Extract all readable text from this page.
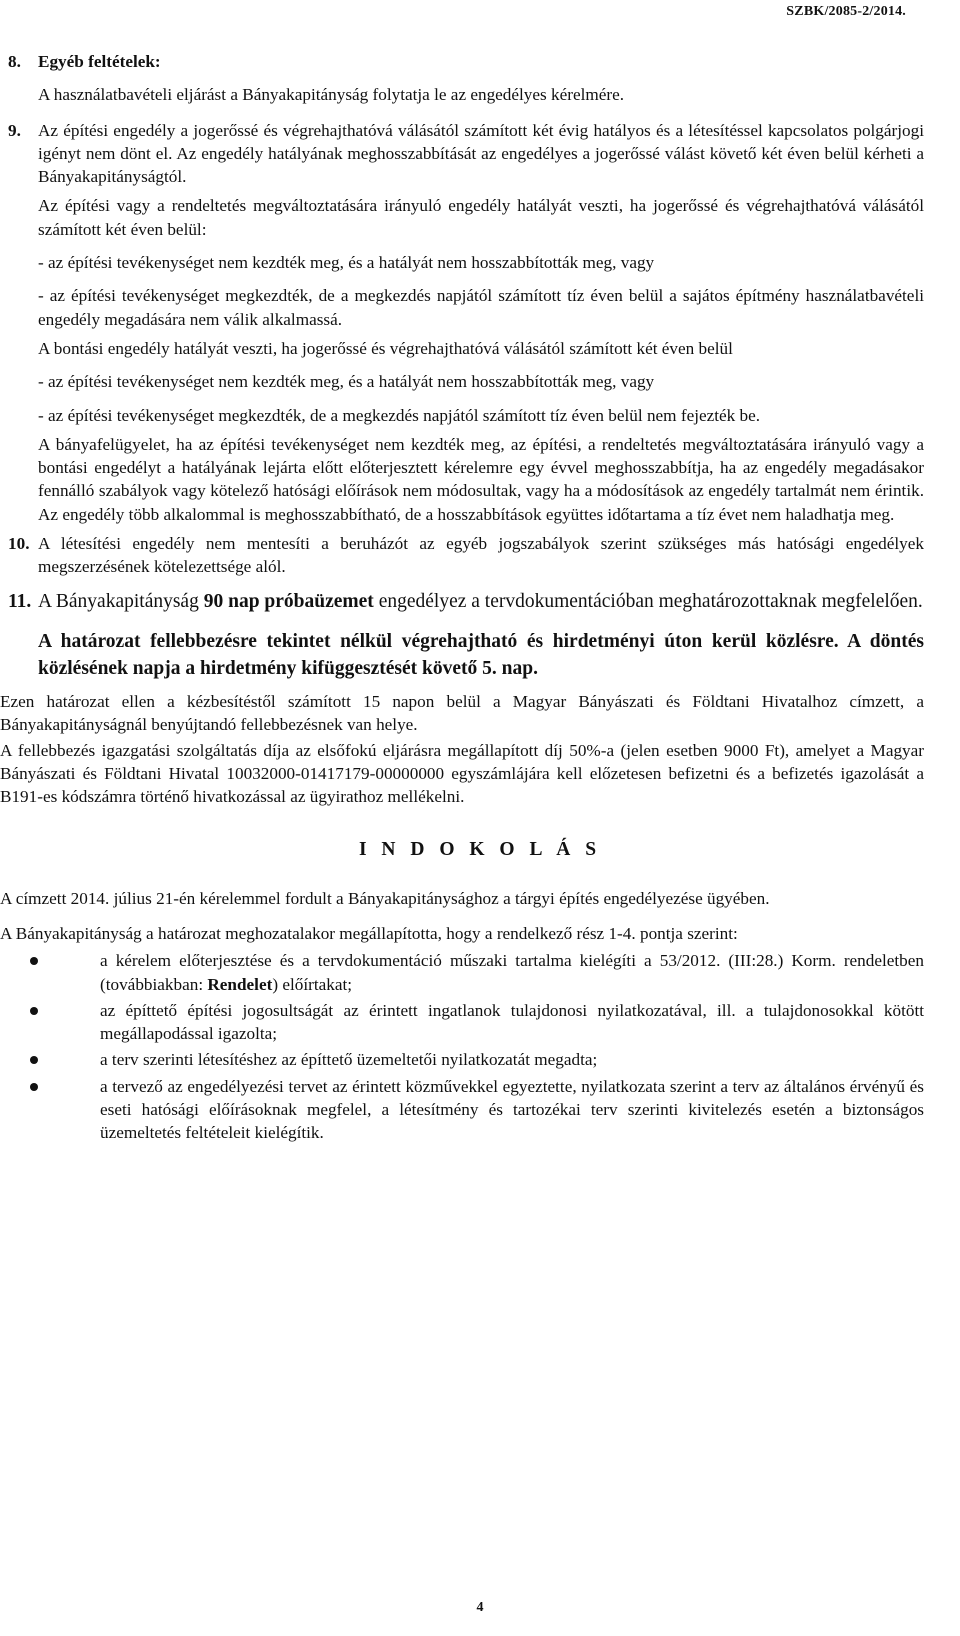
SZBK/2085-2/2014.
8. Egyéb feltételek:
A használatbavételi eljárást a Bányakapitányság folytatja le az engedélyes kérelmére.
9. Az építési engedély a jogerőssé és végrehajthatóvá válásától számított két évig hatályos és a létesítéssel kapcsolatos polgárjogi igényt nem dönt el. Az engedély hatályának meghosszabbítását az engedélyes a jogerőssé válást követő két éven belül kérheti a Bányakapitányságtól.
Az építési vagy a rendeltetés megváltoztatására irányuló engedély hatályát veszti, ha jogerőssé és végrehajthatóvá válásától számított két éven belül:
- az építési tevékenységet nem kezdték meg, és a hatályát nem hosszabbították meg, vagy
- az építési tevékenységet megkezdték, de a megkezdés napjától számított tíz éven belül a sajátos építmény használatbavételi engedély megadására nem válik alkalmassá.
A bontási engedély hatályát veszti, ha jogerőssé és végrehajthatóvá válásától számított két éven belül
- az építési tevékenységet nem kezdték meg, és a hatályát nem hosszabbították meg, vagy
- az építési tevékenységet megkezdték, de a megkezdés napjától számított tíz éven belül nem fejezték be.
A bányafelügyelet, ha az építési tevékenységet nem kezdték meg, az építési, a rendeltetés megváltoztatására irányuló vagy a bontási engedélyt a hatályának lejárta előtt előterjesztett kérelemre egy évvel meghosszabbítja, ha az engedély megadásakor fennálló szabályok vagy kötelező hatósági előírások nem módosultak, vagy ha a módosítások az engedély tartalmát nem érintik. Az engedély több alkalommal is meghosszabbítható, de a hosszabbítások együttes időtartama a tíz évet nem haladhatja meg.
10. A létesítési engedély nem mentesíti a beruházót az egyéb jogszabályok szerint szükséges más hatósági engedélyek megszerzésének kötelezettsége alól.
11. A Bányakapitányság 90 nap próbaüzemet engedélyez a tervdokumentációban meghatározottaknak megfelelően.
A határozat fellebbezésre tekintet nélkül végrehajtható és hirdetményi úton kerül közlésre. A döntés közlésének napja a hirdetmény kifüggesztését követő 5. nap.
Ezen határozat ellen a kézbesítéstől számított 15 napon belül a Magyar Bányászati és Földtani Hivatalhoz címzett, a Bányakapitányságnál benyújtandó fellebbezésnek van helye.
A fellebbezés igazgatási szolgáltatás díja az elsőfokú eljárásra megállapított díj 50%-a (jelen esetben 9000 Ft), amelyet a Magyar Bányászati és Földtani Hivatal 10032000-01417179-00000000 egyszámlájára kell előzetesen befizetni és a befizetés igazolását a B191-es kódszámra történő hivatkozással az ügyirathoz mellékelni.
I N D O K O L Á S
A címzett 2014. július 21-én kérelemmel fordult a Bányakapitánysághoz a tárgyi építés engedélyezése ügyében.
A Bányakapitányság a határozat meghozatalakor megállapította, hogy a rendelkező rész 1-4. pontja szerint:
a kérelem előterjesztése és a tervdokumentáció műszaki tartalma kielégíti a 53/2012. (III:28.) Korm. rendeletben (továbbiakban: Rendelet) előírtakat;
az építtető építési jogosultságát az érintett ingatlanok tulajdonosi nyilatkozatával, ill. a tulajdonosokkal kötött megállapodással igazolta;
a terv szerinti létesítéshez az építtető üzemeltetői nyilatkozatát megadta;
a tervező az engedélyezési tervet az érintett közművekkel egyeztette, nyilatkozata szerint a terv az általános érvényű és eseti hatósági előírásoknak megfelel, a létesítmény és tartozékai terv szerinti kivitelezés esetén a biztonságos üzemeltetés feltételeit kielégítik.
4
